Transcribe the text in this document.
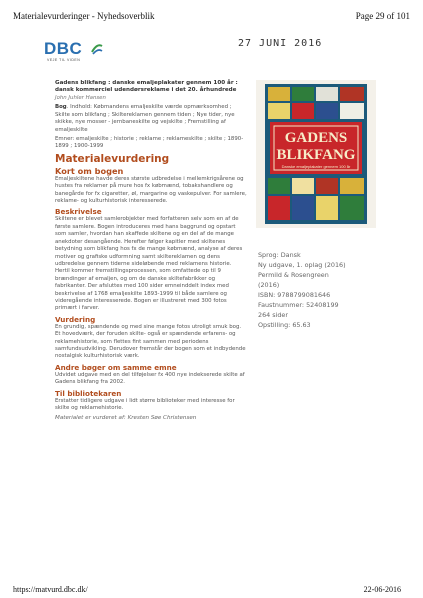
Materialevurderinger - Nyhedsoverblik	Page 29 of 101
DBC
VEJE TIL VIDEN
27 JUNI 2016

Gadens blikfang : danske emaljeplakater gennem 100 år : dansk kommerciel udendørsreklame i det 20. århundrede

John Juhler Hansen

Bog. Indhold: Købmandens emaljeskilte værde opmærksomhed ; Skilte som blikfang ; Skiltereklamen gennem tiden ; Nye tider, nye skikke, nye mosser - jernbaneskilte og vejskilte ; Fremstilling af emaljeskilte

Emner: emaljeskilte ; historie ; reklame ; reklameskilte ; skilte ; 1890-1899 ; 1900-1999

Materialevurdering
Kort om bogen

Emaljeskiltene havde deres største udbredelse i mellemkrigsårene og hustes fra reklamer på mure hos fx købmænd, tobakshandlere og banegårde for fx cigaretter, øl, margarine og vaskepulver. For samlere, reklame- og kulturhistorisk interesserede.

Beskrivelse

Skiltene er blevet samlerobjekter med forfatteren selv som en af de første samlere. Bogen introduceres med hans baggrund og opstart som samler, hvordan han skaffede skiltene og en del af de mange anekdoter desangående. Herefter følger kapitler med skiltenes betydning som blikfang hos fx de mange købmænd, analyse af deres motiver og grafiske udformning samt skiltereklamen og dens udbredelse gennem tiderne sideløbende med reklamens historie. Hertil kommer fremstillingsprocessen, som omfattede op til 9 brændinger af emaljen, og om de danske skiltefabrikker og fabrikanter. Der afsluttes med 100 sider emneinddelt index med beskrivelse af 1768 emaljeskilte 1893-1999 til både samlere og videregående interesserede. Bogen er illustreret med 300 fotos primært i farver.

Vurdering

En grundig, spændende og med sine mange fotos utroligt smuk bog. Et hovedværk, der foruden skilte- også er spændende erfarens- og reklamehistorie, som flettes fint sammen med periodens samfundsudvikling. Derudover fremstår der bogen som et indbydende nostalgisk kulturhistorisk værk.

Andre bøger om samme emne

Udvidet udgave med en del tilføjelser fx 400 nye indekserede skilte af Gadens blikfang fra 2002.

Til bibliotekaren

Erstatter tidligere udgave i lidt større biblioteker med interesse for skilte og reklamehistorie.

Materialet er vurderet af: Kresten Søe Christensen
GADENS
BLIKFANG
Danske emaljeplakater gennem 100 år
Sprog: Dansk
Ny udgave, 1. oplag (2016)
Permild & Rosengreen
(2016)
ISBN: 9788799081646
Faustnummer: 52408199
264 sider
Opstilling: 65.63
https://matvurd.dbc.dk/	22-06-2016
